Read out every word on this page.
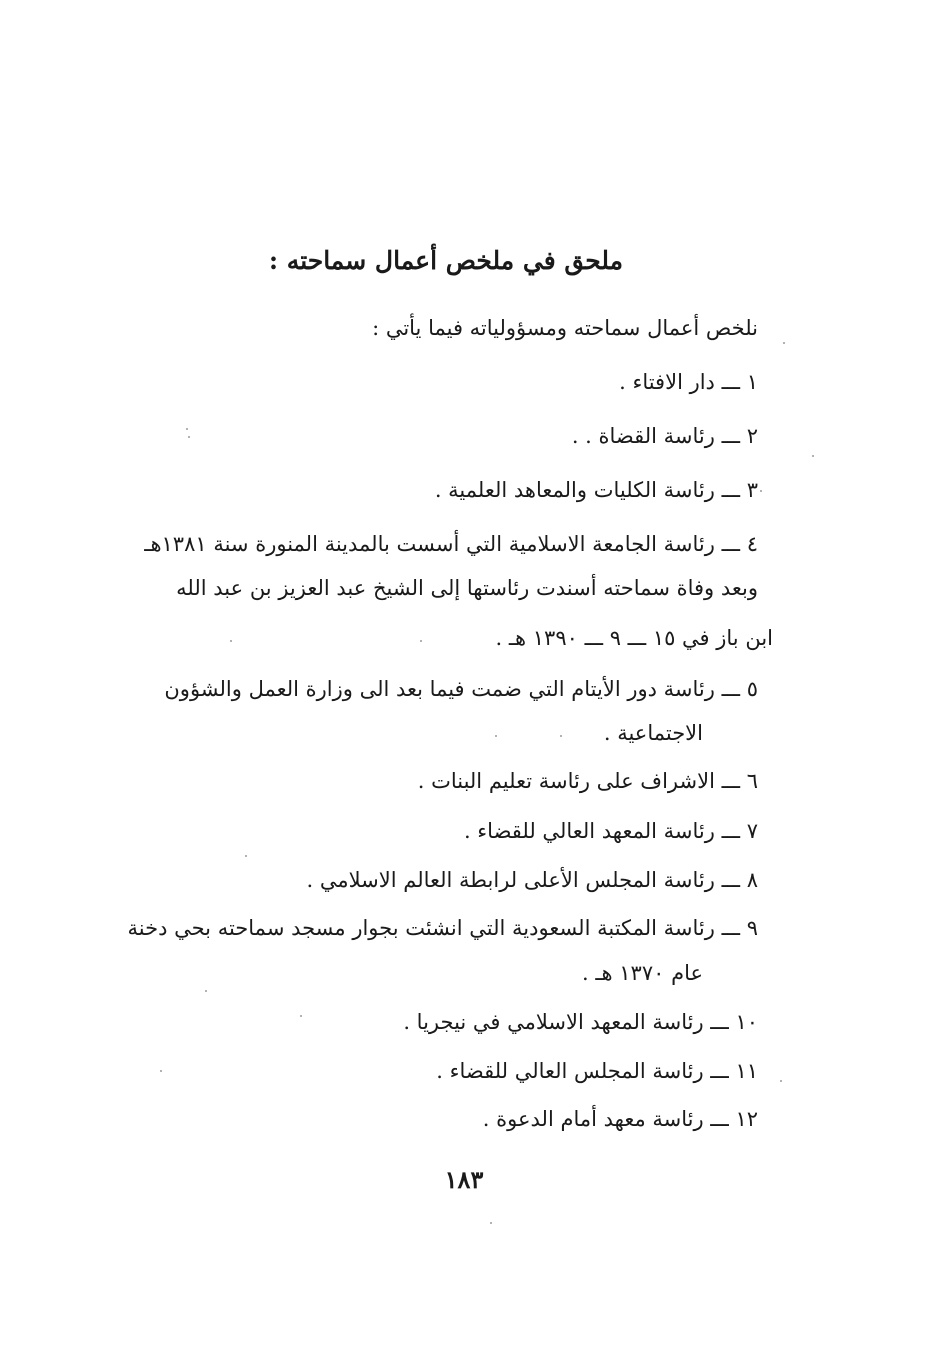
ملحق في ملخص أعمال سماحته :
نلخص أعمال سماحته ومسؤولياته فيما يأتي :
١ ـــ دار الافتاء .
٢ ـــ رئاسة القضاة . .
٣ ـــ رئاسة الكليات والمعاهد العلمية .
٤ ـــ رئاسة الجامعة الاسلامية التي أسست بالمدينة المنورة سنة ١٣٨١هـ
وبعد وفاة سماحته أسندت رئاستها إلى الشيخ عبد العزيز بن عبد الله
ابن باز في ١٥ ـــ ٩ ـــ ١٣٩٠ هـ .
٥ ـــ رئاسة دور الأيتام التي ضمت فيما بعد الى وزارة العمل والشؤون
الاجتماعية .
٦ ـــ الاشراف على رئاسة تعليم البنات .
٧ ـــ رئاسة المعهد العالي للقضاء .
٨ ـــ رئاسة المجلس الأعلى لرابطة العالم الاسلامي .
٩ ـــ رئاسة المكتبة السعودية التي انشئت بجوار مسجد سماحته بحي دخنة
عام ١٣٧٠ هـ .
١٠ ـــ رئاسة المعهد الاسلامي في نيجريا .
١١ ـــ رئاسة المجلس العالي للقضاء .
١٢ ـــ رئاسة معهد أمام الدعوة .
١٨٣
